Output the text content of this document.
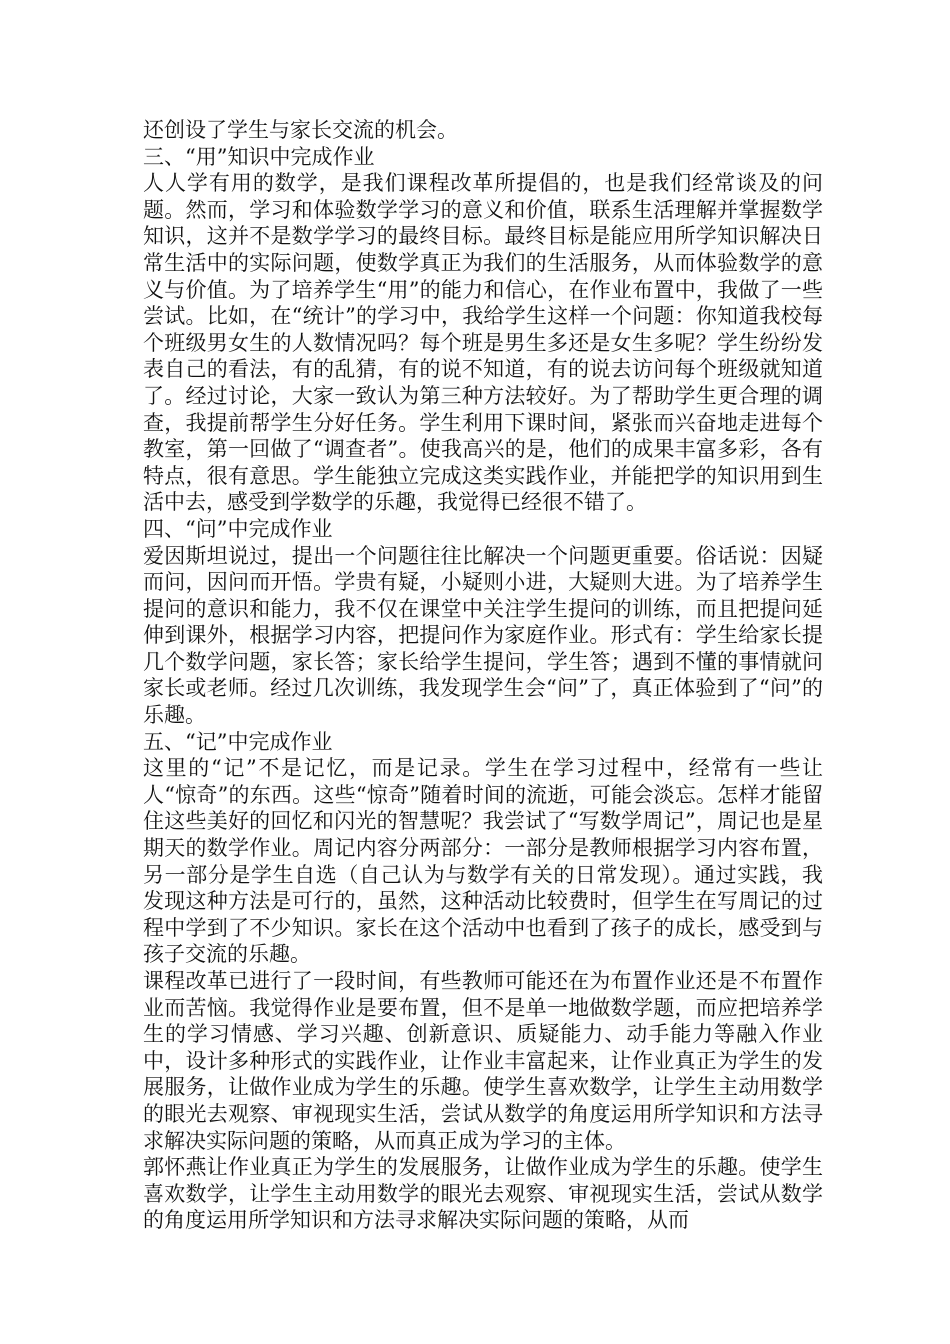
还创设了学生与家长交流的机会。

三、“用”知识中完成作业

人人学有用的数学，是我们课程改革所提倡的，也是我们经常谈及的问题。然而，学习和体验数学学习的意义和价值，联系生活理解并掌握数学知识，这并不是数学学习的最终目标。最终目标是能应用所学知识解决日常生活中的实际问题，使数学真正为我们的生活服务，从而体验数学的意义与价值。为了培养学生“用”的能力和信心，在作业布置中，我做了一些尝试。比如，在“统计”的学习中，我给学生这样一个问题：你知道我校每个班级男女生的人数情况吗？每个班是男生多还是女生多呢？学生纷纷发表自己的看法，有的乱猜，有的说不知道，有的说去访问每个班级就知道了。经过讨论，大家一致认为第三种方法较好。为了帮助学生更合理的调查，我提前帮学生分好任务。学生利用下课时间，紧张而兴奋地走进每个教室，第一回做了“调查者”。使我高兴的是，他们的成果丰富多彩，各有特点，很有意思。学生能独立完成这类实践作业，并能把学的知识用到生活中去，感受到学数学的乐趣，我觉得已经很不错了。

四、“问”中完成作业

爱因斯坦说过，提出一个问题往往比解决一个问题更重要。俗话说：因疑而问，因问而开悟。学贵有疑，小疑则小进，大疑则大进。为了培养学生提问的意识和能力，我不仅在课堂中关注学生提问的训练，而且把提问延伸到课外，根据学习内容，把提问作为家庭作业。形式有：学生给家长提几个数学问题，家长答；家长给学生提问，学生答；遇到不懂的事情就问家长或老师。经过几次训练，我发现学生会“问”了，真正体验到了“问”的乐趣。

五、“记”中完成作业

这里的“记”不是记忆，而是记录。学生在学习过程中，经常有一些让人“惊奇”的东西。这些“惊奇”随着时间的流逝，可能会淡忘。怎样才能留住这些美好的回忆和闪光的智慧呢？我尝试了“写数学周记”，周记也是星期天的数学作业。周记内容分两部分：一部分是教师根据学习内容布置，另一部分是学生自选（自己认为与数学有关的日常发现）。通过实践，我发现这种方法是可行的，虽然，这种活动比较费时，但学生在写周记的过程中学到了不少知识。家长在这个活动中也看到了孩子的成长，感受到与孩子交流的乐趣。

课程改革已进行了一段时间，有些教师可能还在为布置作业还是不布置作业而苦恼。我觉得作业是要布置，但不是单一地做数学题，而应把培养学生的学习情感、学习兴趣、创新意识、质疑能力、动手能力等融入作业中，设计多种形式的实践作业，让作业丰富起来，让作业真正为学生的发展服务，让做作业成为学生的乐趣。使学生喜欢数学，让学生主动用数学的眼光去观察、审视现实生活，尝试从数学的角度运用所学知识和方法寻求解决实际问题的策略，从而真正成为学习的主体。

郭怀燕让作业真正为学生的发展服务，让做作业成为学生的乐趣。使学生喜欢数学，让学生主动用数学的眼光去观察、审视现实生活，尝试从数学的角度运用所学知识和方法寻求解决实际问题的策略，从而
